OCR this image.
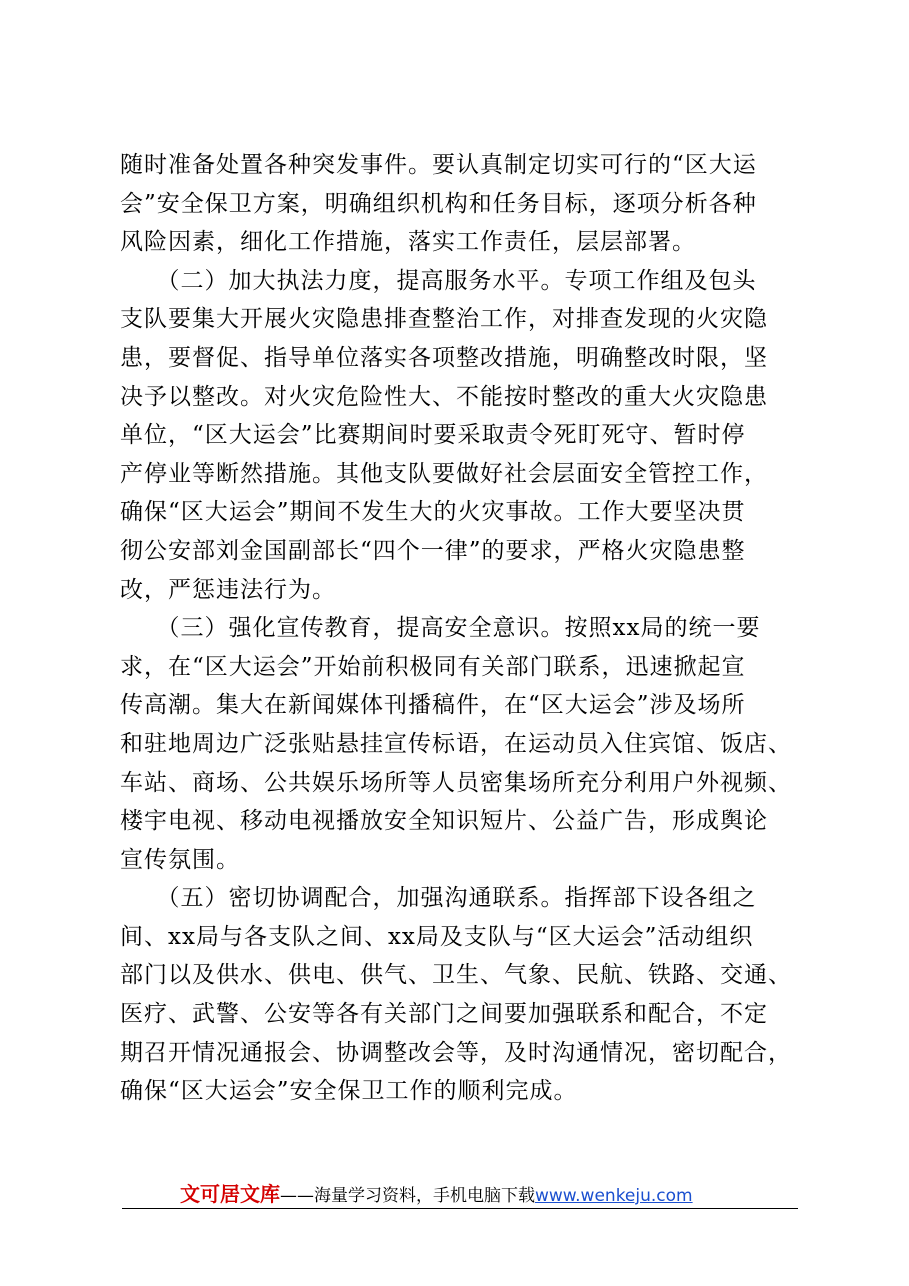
随时准备处置各种突发事件。要认真制定切实可行的“区大运
会”安全保卫方案，明确组织机构和任务目标，逐项分析各种
风险因素，细化工作措施，落实工作责任，层层部署。
　　（二）加大执法力度，提高服务水平。专项工作组及包头
支队要集大开展火灾隐患排查整治工作，对排查发现的火灾隐
患，要督促、指导单位落实各项整改措施，明确整改时限，坚
决予以整改。对火灾危险性大、不能按时整改的重大火灾隐患
单位，“区大运会”比赛期间时要采取责令死盯死守、暂时停
产停业等断然措施。其他支队要做好社会层面安全管控工作，
确保“区大运会”期间不发生大的火灾事故。工作大要坚决贯
彻公安部刘金国副部长“四个一律”的要求，严格火灾隐患整
改，严惩违法行为。
　　（三）强化宣传教育，提高安全意识。按照xx局的统一要
求，在“区大运会”开始前积极同有关部门联系，迅速掀起宣
传高潮。集大在新闻媒体刊播稿件，在“区大运会”涉及场所
和驻地周边广泛张贴悬挂宣传标语，在运动员入住宾馆、饭店、
车站、商场、公共娱乐场所等人员密集场所充分利用户外视频、
楼宇电视、移动电视播放安全知识短片、公益广告，形成舆论
宣传氛围。
　　（五）密切协调配合，加强沟通联系。指挥部下设各组之
间、xx局与各支队之间、xx局及支队与“区大运会”活动组织
部门以及供水、供电、供气、卫生、气象、民航、铁路、交通、
医疗、武警、公安等各有关部门之间要加强联系和配合，不定
期召开情况通报会、协调整改会等，及时沟通情况，密切配合，
确保“区大运会”安全保卫工作的顺利完成。
文可居文库——海量学习资料，手机电脑下载www.wenkeju.com
